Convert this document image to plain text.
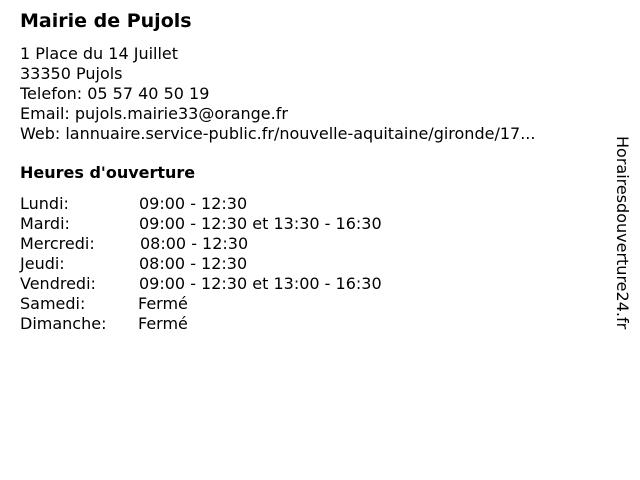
Mairie de Pujols
1 Place du 14 Juillet
33350 Pujols
Telefon: 05 57 40 50 19
Email: pujols.mairie33@orange.fr
Web: lannuaire.service-public.fr/nouvelle-aquitaine/gironde/17...
Heures d'ouverture
Lundi:	09:00 - 12:30
Mardi:	09:00 - 12:30 et 13:30 - 16:30
Mercredi:	08:00 - 12:30
Jeudi:	08:00 - 12:30
Vendredi:	09:00 - 12:30 et 13:00 - 16:30
Samedi:	Fermé
Dimanche: Fermé	Horairesdouverture24.fr
